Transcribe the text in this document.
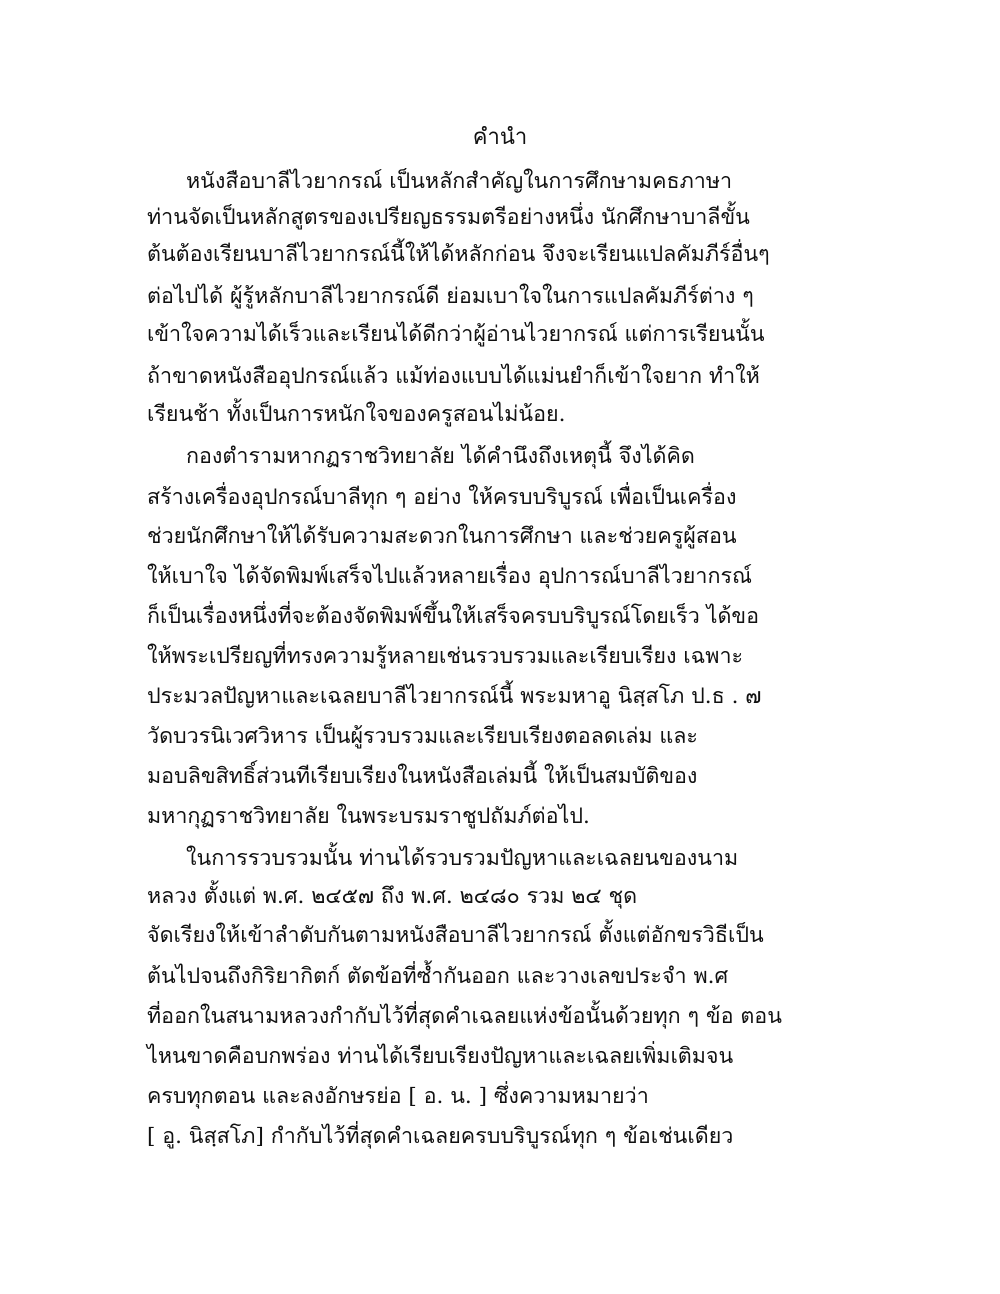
คำนำ

หนังสือบาลีไวยากรณ์ เป็นหลักสำคัญในการศึกษามคธภาษา

ท่านจัดเป็นหลักสูตรของเปรียญธรรมตรีอย่างหนึ่ง นักศึกษาบาลีขั้น

ต้นต้องเรียนบาลีไวยากรณ์นี้ให้ได้หลักก่อน จึงจะเรียนแปลคัมภีร์อื่นๆ

ต่อไปได้ ผู้รู้หลักบาลีไวยากรณ์ดี ย่อมเบาใจในการแปลคัมภีร์ต่าง ๆ

เข้าใจความได้เร็วและเรียนได้ดีกว่าผู้อ่านไวยากรณ์ แต่การเรียนนั้น

ถ้าขาดหนังสืออุปกรณ์แล้ว แม้ท่องแบบได้แม่นยำก็เข้าใจยาก ทำให้

เรียนช้า ทั้งเป็นการหนักใจของครูสอนไม่น้อย.

กองตำรามหากฏราชวิทยาลัย ได้คำนึงถึงเหตุนี้ จึงได้คิด

สร้างเครื่องอุปกรณ์บาลีทุก ๆ อย่าง ให้ครบบริบูรณ์ เพื่อเป็นเครื่อง

ช่วยนักศึกษาให้ได้รับความสะดวกในการศึกษา และช่วยครูผู้สอน

ให้เบาใจ ได้จัดพิมพ์เสร็จไปแล้วหลายเรื่อง อุปการณ์บาลีไวยากรณ์

ก็เป็นเรื่องหนึ่งที่จะต้องจัดพิมพ์ขึ้นให้เสร็จครบบริบูรณ์โดยเร็ว ได้ขอ

ให้พระเปรียญที่ทรงความรู้หลายเช่นรวบรวมและเรียบเรียง เฉพาะ

ประมวลปัญหาและเฉลยบาลีไวยากรณ์นี้ พระมหาอู นิสฺสโภ ป.ธ . ๗

วัดบวรนิเวศวิหาร เป็นผู้รวบรวมและเรียบเรียงตอลดเล่ม และ

มอบลิขสิทธิ์ส่วนทีเรียบเรียงในหนังสือเล่มนี้ ให้เป็นสมบัติของ

มหากุฏราชวิทยาลัย ในพระบรมราชูปถัมภ์ต่อไป.

ในการรวบรวมนั้น ท่านได้รวบรวมปัญหาและเฉลยนของนาม

หลวง ตั้งแต่ พ.ศ. ๒๔๕๗ ถึง พ.ศ. ๒๔๘๐ รวม ๒๔ ชุด

จัดเรียงให้เข้าลำดับกันตามหนังสือบาลีไวยากรณ์ ตั้งแต่อักขรวิธีเป็น

ต้นไปจนถึงกิริยากิตก์ ตัดข้อที่ซ้ำกันออก และวางเลขประจำ พ.ศ

ที่ออกในสนามหลวงกำกับไว้ที่สุดคำเฉลยแห่งข้อนั้นด้วยทุก ๆ ข้อ ตอน

ไหนขาดคือบกพร่อง ท่านได้เรียบเรียงปัญหาและเฉลยเพิ่มเติมจน

ครบทุกตอน และลงอักษรย่อ [ อ. น. ] ซึ่งความหมายว่า

[ อู. นิสฺสโภ] กำกับไว้ที่สุดคำเฉลยครบบริบูรณ์ทุก ๆ ข้อเช่นเดียว
